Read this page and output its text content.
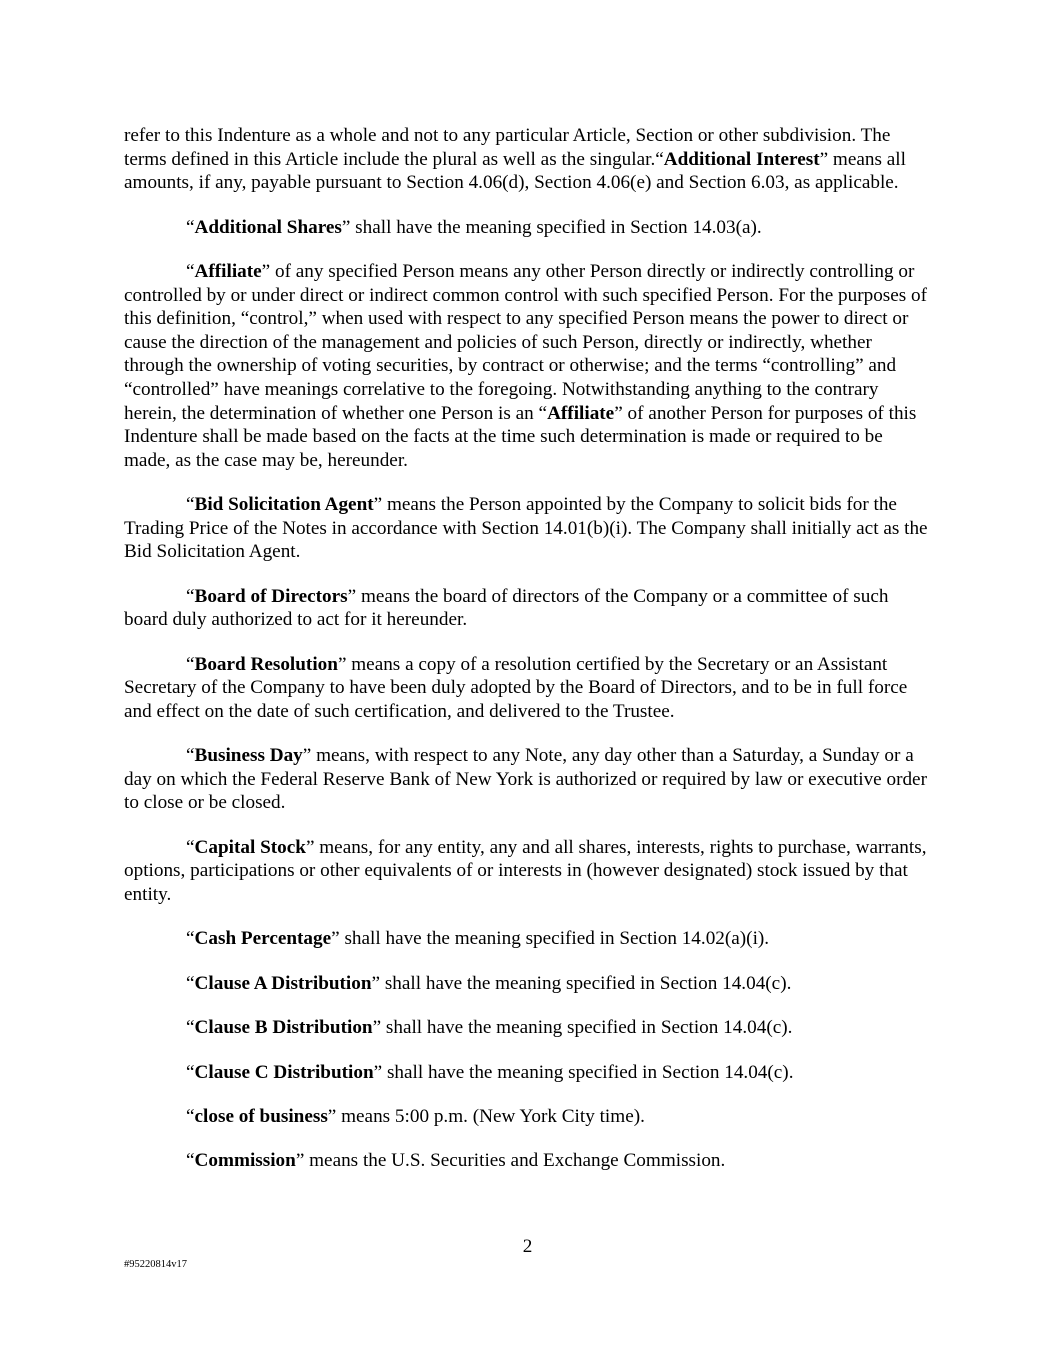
refer to this Indenture as a whole and not to any particular Article, Section or other subdivision. The terms defined in this Article include the plural as well as the singular.“Additional Interest” means all amounts, if any, payable pursuant to Section 4.06(d), Section 4.06(e) and Section 6.03, as applicable.

“Additional Shares” shall have the meaning specified in Section 14.03(a).

“Affiliate” of any specified Person means any other Person directly or indirectly controlling or controlled by or under direct or indirect common control with such specified Person. For the purposes of this definition, “control,” when used with respect to any specified Person means the power to direct or cause the direction of the management and policies of such Person, directly or indirectly, whether through the ownership of voting securities, by contract or otherwise; and the terms “controlling” and “controlled” have meanings correlative to the foregoing. Notwithstanding anything to the contrary herein, the determination of whether one Person is an “Affiliate” of another Person for purposes of this Indenture shall be made based on the facts at the time such determination is made or required to be made, as the case may be, hereunder.

“Bid Solicitation Agent” means the Person appointed by the Company to solicit bids for the Trading Price of the Notes in accordance with Section 14.01(b)(i). The Company shall initially act as the Bid Solicitation Agent.

“Board of Directors” means the board of directors of the Company or a committee of such board duly authorized to act for it hereunder.

“Board Resolution” means a copy of a resolution certified by the Secretary or an Assistant Secretary of the Company to have been duly adopted by the Board of Directors, and to be in full force and effect on the date of such certification, and delivered to the Trustee.

“Business Day” means, with respect to any Note, any day other than a Saturday, a Sunday or a day on which the Federal Reserve Bank of New York is authorized or required by law or executive order to close or be closed.

“Capital Stock” means, for any entity, any and all shares, interests, rights to purchase, warrants, options, participations or other equivalents of or interests in (however designated) stock issued by that entity.

“Cash Percentage” shall have the meaning specified in Section 14.02(a)(i).

“Clause A Distribution” shall have the meaning specified in Section 14.04(c).

“Clause B Distribution” shall have the meaning specified in Section 14.04(c).

“Clause C Distribution” shall have the meaning specified in Section 14.04(c).

“close of business” means 5:00 p.m. (New York City time).

“Commission” means the U.S. Securities and Exchange Commission.

2
#95220814v17
